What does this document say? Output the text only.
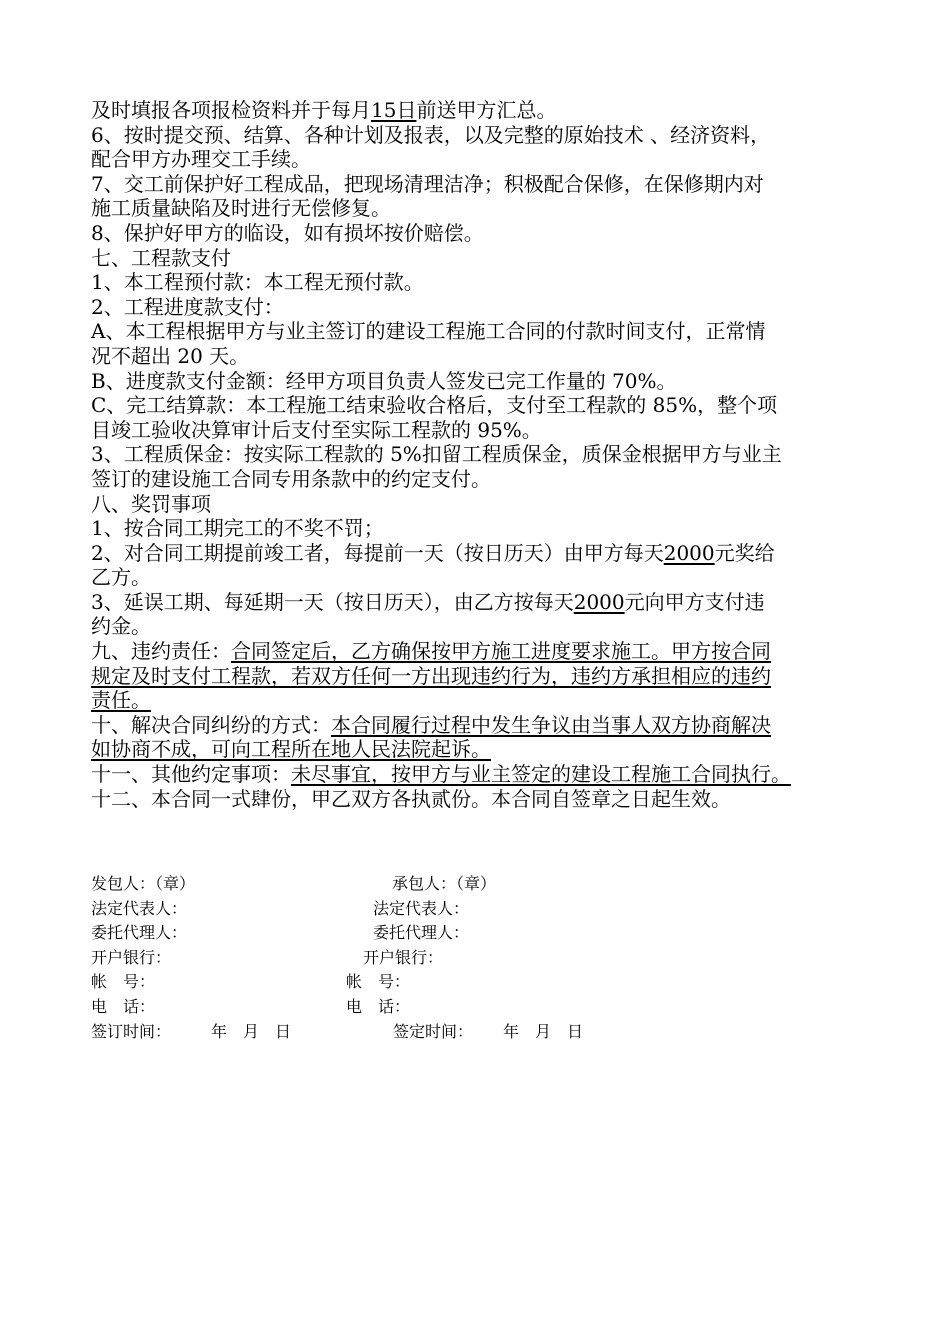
及时填报各项报检资料并于每月15日前送甲方汇总。
6、按时提交预、结算、各种计划及报表，以及完整的原始技术 、经济资料，
配合甲方办理交工手续。
7、交工前保护好工程成品，把现场清理洁净；积极配合保修，在保修期内对
施工质量缺陷及时进行无偿修复。
8、保护好甲方的临设，如有损坏按价赔偿。
七、工程款支付
1、本工程预付款：本工程无预付款。
2、工程进度款支付：
A、本工程根据甲方与业主签订的建设工程施工合同的付款时间支付，正常情
况不超出 20 天。
B、进度款支付金额：经甲方项目负责人签发已完工作量的 70%。
C、完工结算款：本工程施工结束验收合格后，支付至工程款的 85%，整个项
目竣工验收决算审计后支付至实际工程款的 95%。
3、工程质保金：按实际工程款的 5%扣留工程质保金，质保金根据甲方与业主
签订的建设施工合同专用条款中的约定支付。
八、奖罚事项
1、按合同工期完工的不奖不罚；
2、对合同工期提前竣工者，每提前一天（按日历天）由甲方每天2000元奖给
乙方。
3、延误工期、每延期一天（按日历天），由乙方按每天2000元向甲方支付违
约金。
九、违约责任：合同签定后，乙方确保按甲方施工进度要求施工。甲方按合同
规定及时支付工程款，若双方任何一方出现违约行为，违约方承担相应的违约
责任。
十、解决合同纠纷的方式：本合同履行过程中发生争议由当事人双方协商解决
如协商不成，可向工程所在地人民法院起诉。
十一、其他约定事项：未尽事宜，按甲方与业主签定的建设工程施工合同执行。
十二、本合同一式肆份，甲乙双方各执贰份。本合同自签章之日起生效。
发包人：（章）	承包人：（章）
法定代表人：	法定代表人：
委托代理人：	委托代理人：
开户银行：	开户银行：
帐　号：	帐　号：
电　话：	电　话：
签订时间： 年　月　日	签定时间： 年　月　日
